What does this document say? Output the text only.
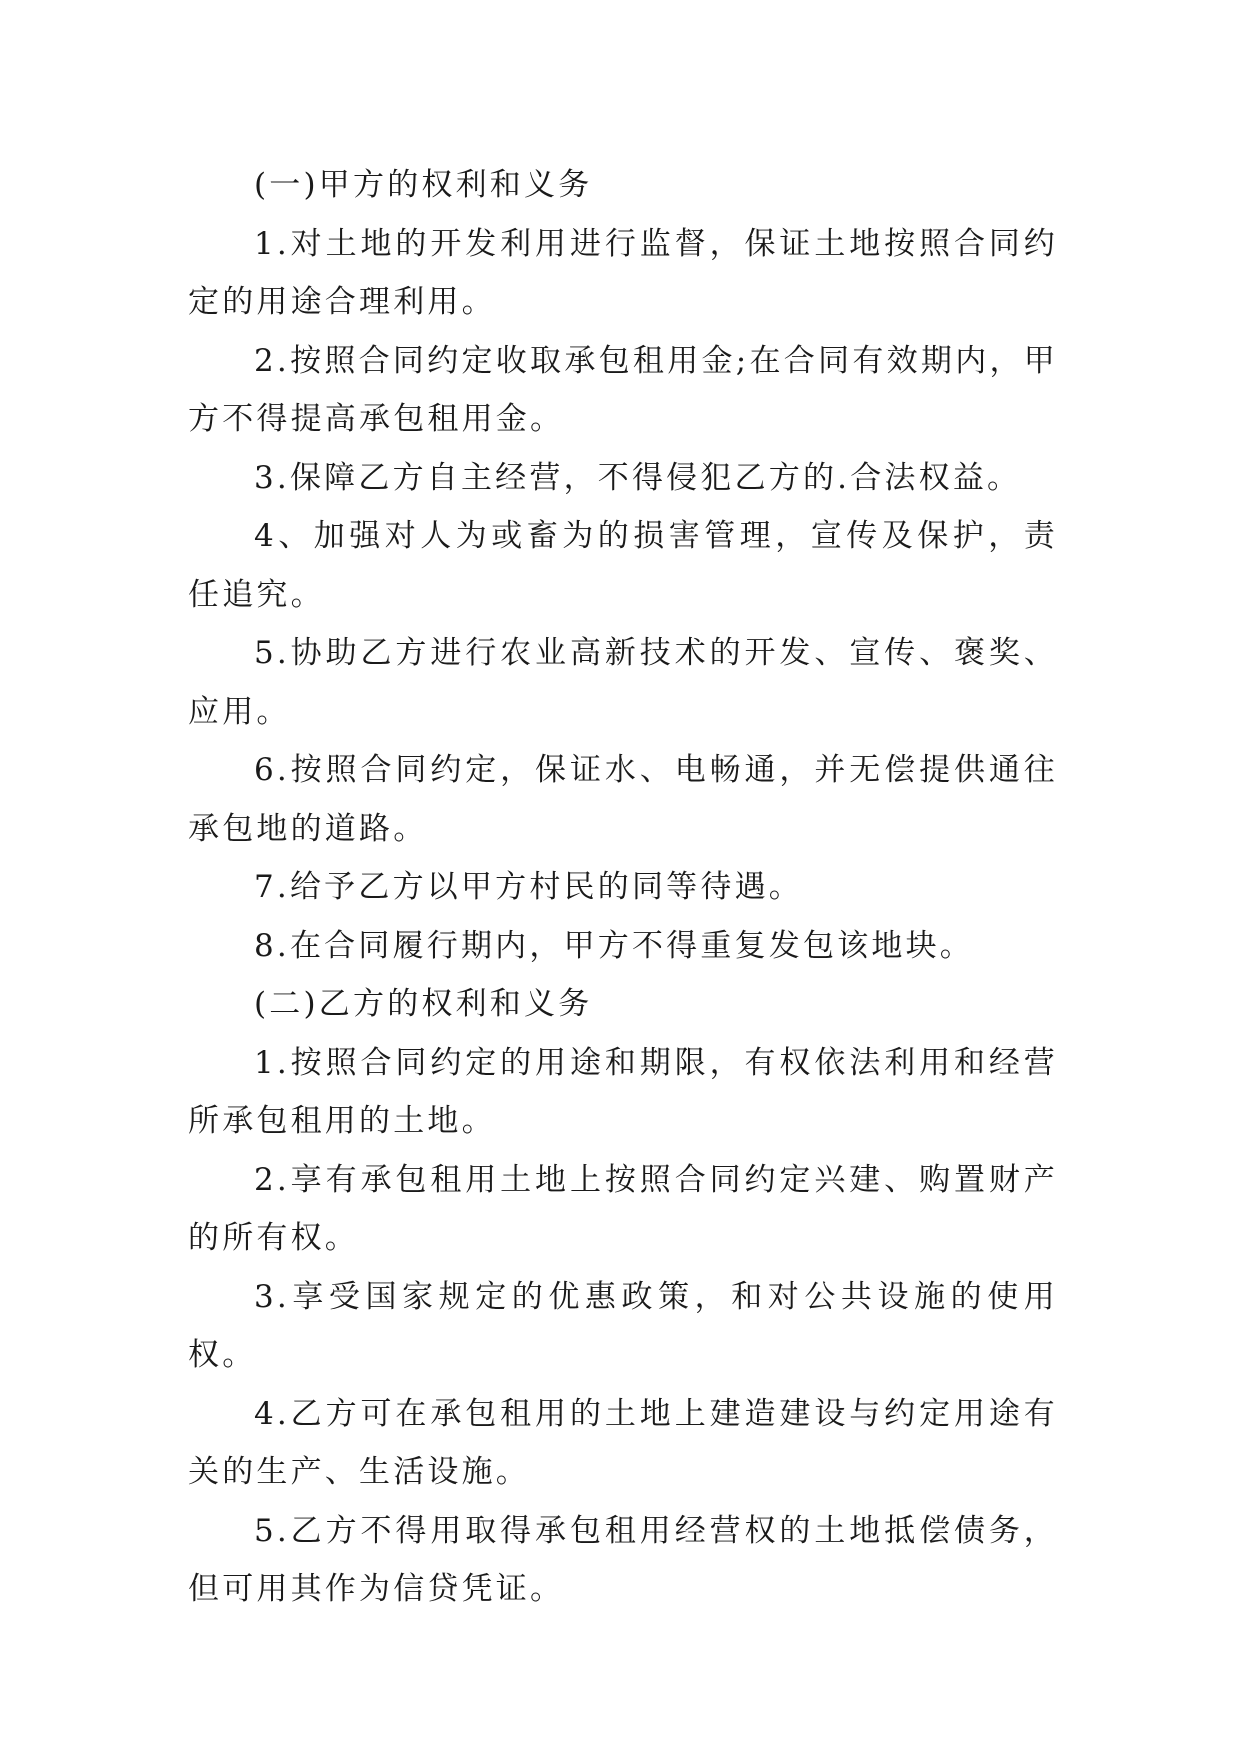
(一)甲方的权利和义务

1.对土地的开发利用进行监督，保证土地按照合同约定的用途合理利用。

2.按照合同约定收取承包租用金;在合同有效期内，甲方不得提高承包租用金。

3.保障乙方自主经营，不得侵犯乙方的.合法权益。

4、加强对人为或畜为的损害管理，宣传及保护，责任追究。

5.协助乙方进行农业高新技术的开发、宣传、褒奖、应用。

6.按照合同约定，保证水、电畅通，并无偿提供通往承包地的道路。

7.给予乙方以甲方村民的同等待遇。

8.在合同履行期内，甲方不得重复发包该地块。

(二)乙方的权利和义务

1.按照合同约定的用途和期限，有权依法利用和经营所承包租用的土地。

2.享有承包租用土地上按照合同约定兴建、购置财产的所有权。

3.享受国家规定的优惠政策，和对公共设施的使用权。

4.乙方可在承包租用的土地上建造建设与约定用途有关的生产、生活设施。

5.乙方不得用取得承包租用经营权的土地抵偿债务，但可用其作为信贷凭证。
